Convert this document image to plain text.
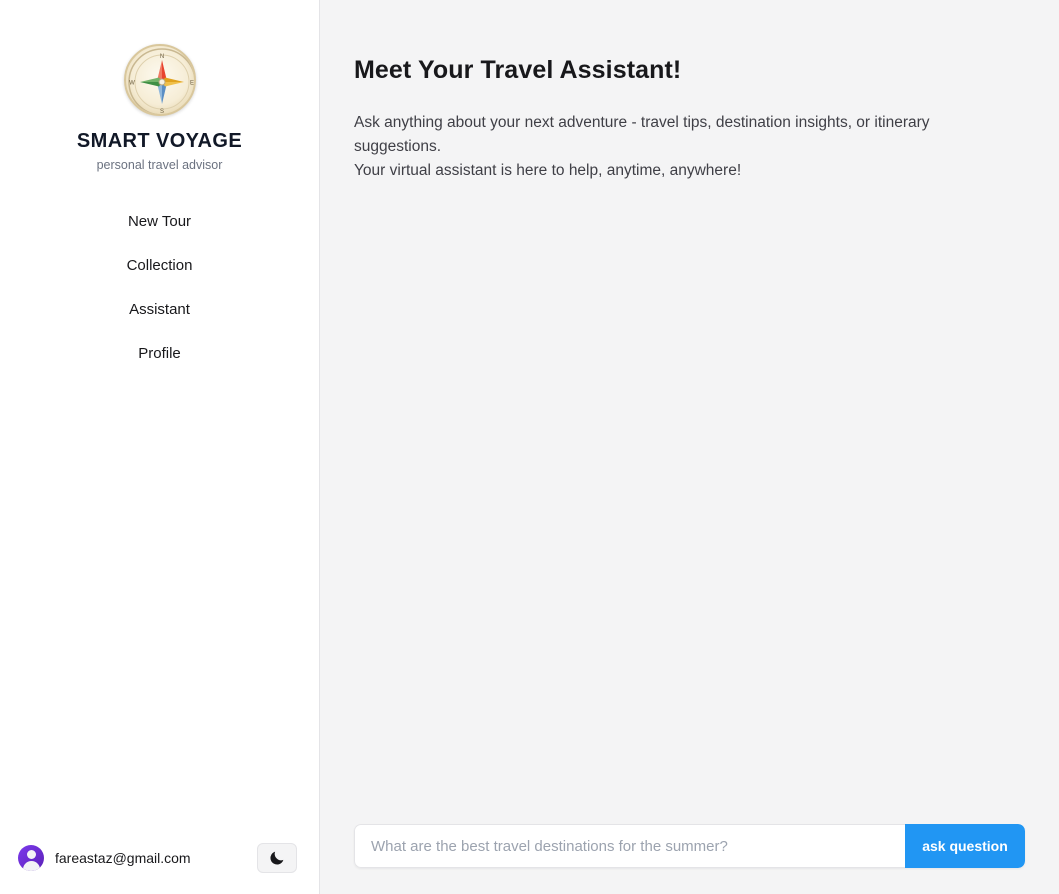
N
S
E
W
SMART VOYAGE
personal travel advisor
New Tour
Collection
Assistant
Profile
fareastaz@gmail.com
Meet Your Travel Assistant!

Ask anything about your next adventure - travel tips, destination insights, or itinerary suggestions.
Your virtual assistant is here to help, anytime, anywhere!

What are the best travel destinations for the summer?
ask question
